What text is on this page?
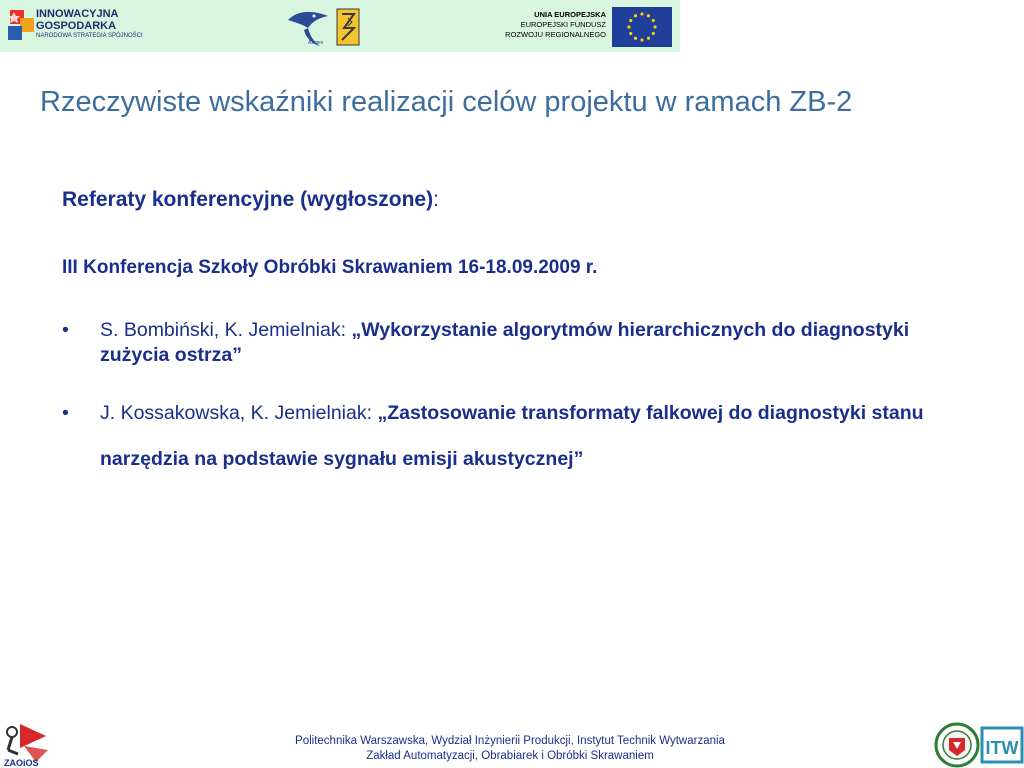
INNOWACYJNA
GOSPODARKA
NARODOWA STRATEGIA SPÓJNOŚCI
Azotex
UNIA EUROPEJSKA
EUROPEJSKI FUNDUSZ
ROZWOJU REGIONALNEGO
Rzeczywiste wskaźniki realizacji celów projektu w ramach ZB-2
Referaty konferencyjne (wygłoszone):
III Konferencja Szkoły Obróbki Skrawaniem 16-18.09.2009 r.
• S. Bombiński, K. Jemielniak: „Wykorzystanie algorytmów hierarchicznych do diagnostyki zużycia ostrza”
• J. Kossakowska, K. Jemielniak: „Zastosowanie transformaty falkowej do diagnostyki stanu narzędzia na podstawie sygnału emisji akustycznej”
ZAOiOS
Politechnika Warszawska, Wydział Inżynierii Produkcji, Instytut Technik Wytwarzania
Zakład Automatyzacji, Obrabiarek i Obróbki Skrawaniem	ITW
